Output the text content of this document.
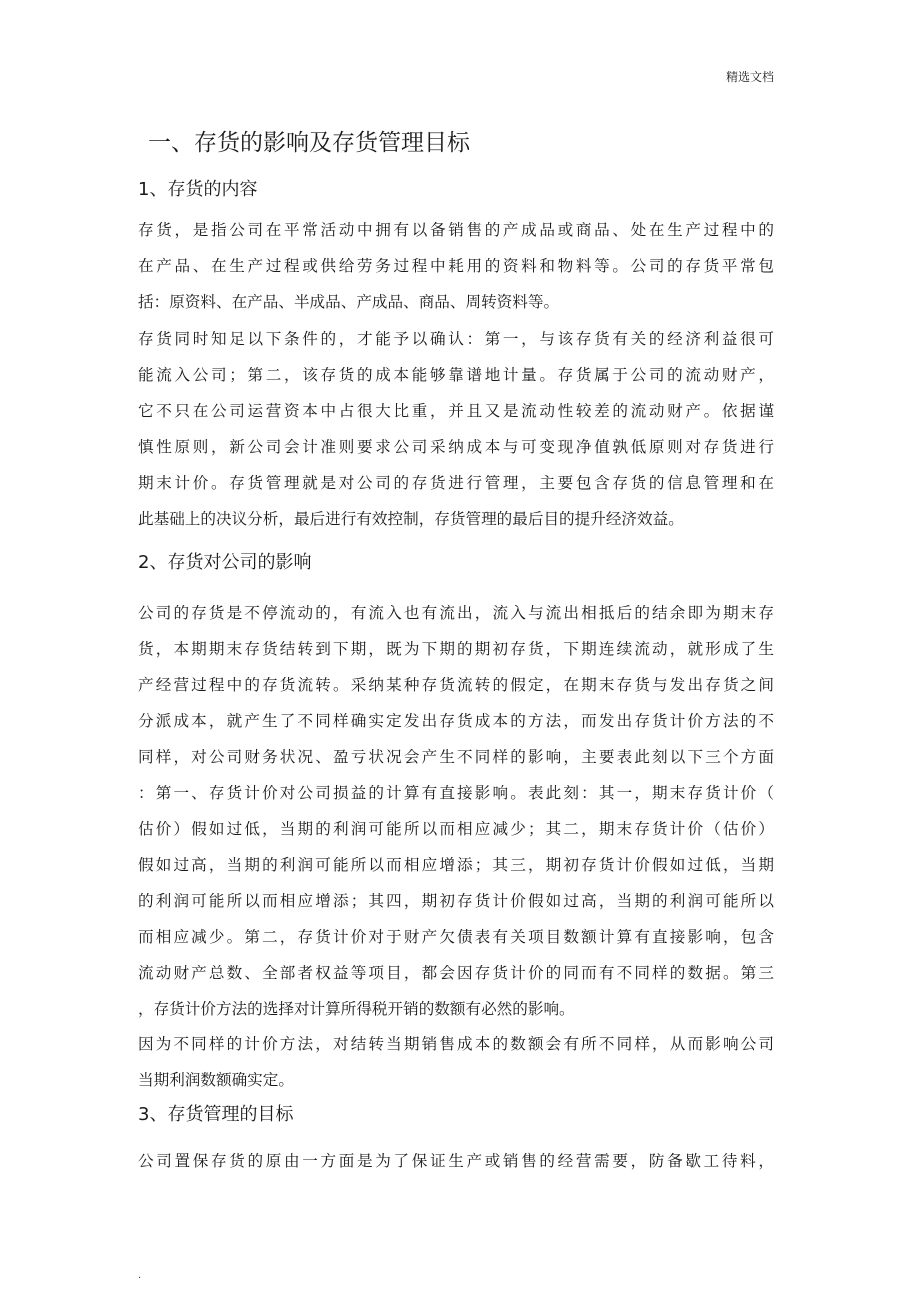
精选文档
一、存货的影响及存货管理目标
1、存货的内容
存货，是指公司在平常活动中拥有以备销售的产成品或商品、处在生产过程中的
在产品、在生产过程或供给劳务过程中耗用的资料和物料等。公司的存货平常包
括：原资料、在产品、半成品、产成品、商品、周转资料等。
存货同时知足以下条件的，才能予以确认：第一，与该存货有关的经济利益很可
能流入公司；第二，该存货的成本能够靠谱地计量。存货属于公司的流动财产，
它不只在公司运营资本中占很大比重，并且又是流动性较差的流动财产。依据谨
慎性原则，新公司会计准则要求公司采纳成本与可变现净值孰低原则对存货进行
期末计价。存货管理就是对公司的存货进行管理，主要包含存货的信息管理和在
此基础上的决议分析，最后进行有效控制，存货管理的最后目的提升经济效益。
2、存货对公司的影响
公司的存货是不停流动的，有流入也有流出，流入与流出相抵后的结余即为期末存
货，本期期末存货结转到下期，既为下期的期初存货，下期连续流动，就形成了生
产经营过程中的存货流转。采纳某种存货流转的假定，在期末存货与发出存货之间
分派成本，就产生了不同样确实定发出存货成本的方法，而发出存货计价方法的不
同样，对公司财务状况、盈亏状况会产生不同样的影响，主要表此刻以下三个方面
：第一、存货计价对公司损益的计算有直接影响。表此刻：其一，期末存货计价（
估价）假如过低，当期的利润可能所以而相应减少；其二，期末存货计价（估价）
假如过高，当期的利润可能所以而相应增添；其三，期初存货计价假如过低，当期
的利润可能所以而相应增添；其四，期初存货计价假如过高，当期的利润可能所以
而相应减少。第二，存货计价对于财产欠债表有关项目数额计算有直接影响，包含
流动财产总数、全部者权益等项目，都会因存货计价的同而有不同样的数据。第三
，存货计价方法的选择对计算所得税开销的数额有必然的影响。
因为不同样的计价方法，对结转当期销售成本的数额会有所不同样，从而影响公司
当期利润数额确实定。
3、存货管理的目标
公司置保存货的原由一方面是为了保证生产或销售的经营需要，防备歇工待料，
.
